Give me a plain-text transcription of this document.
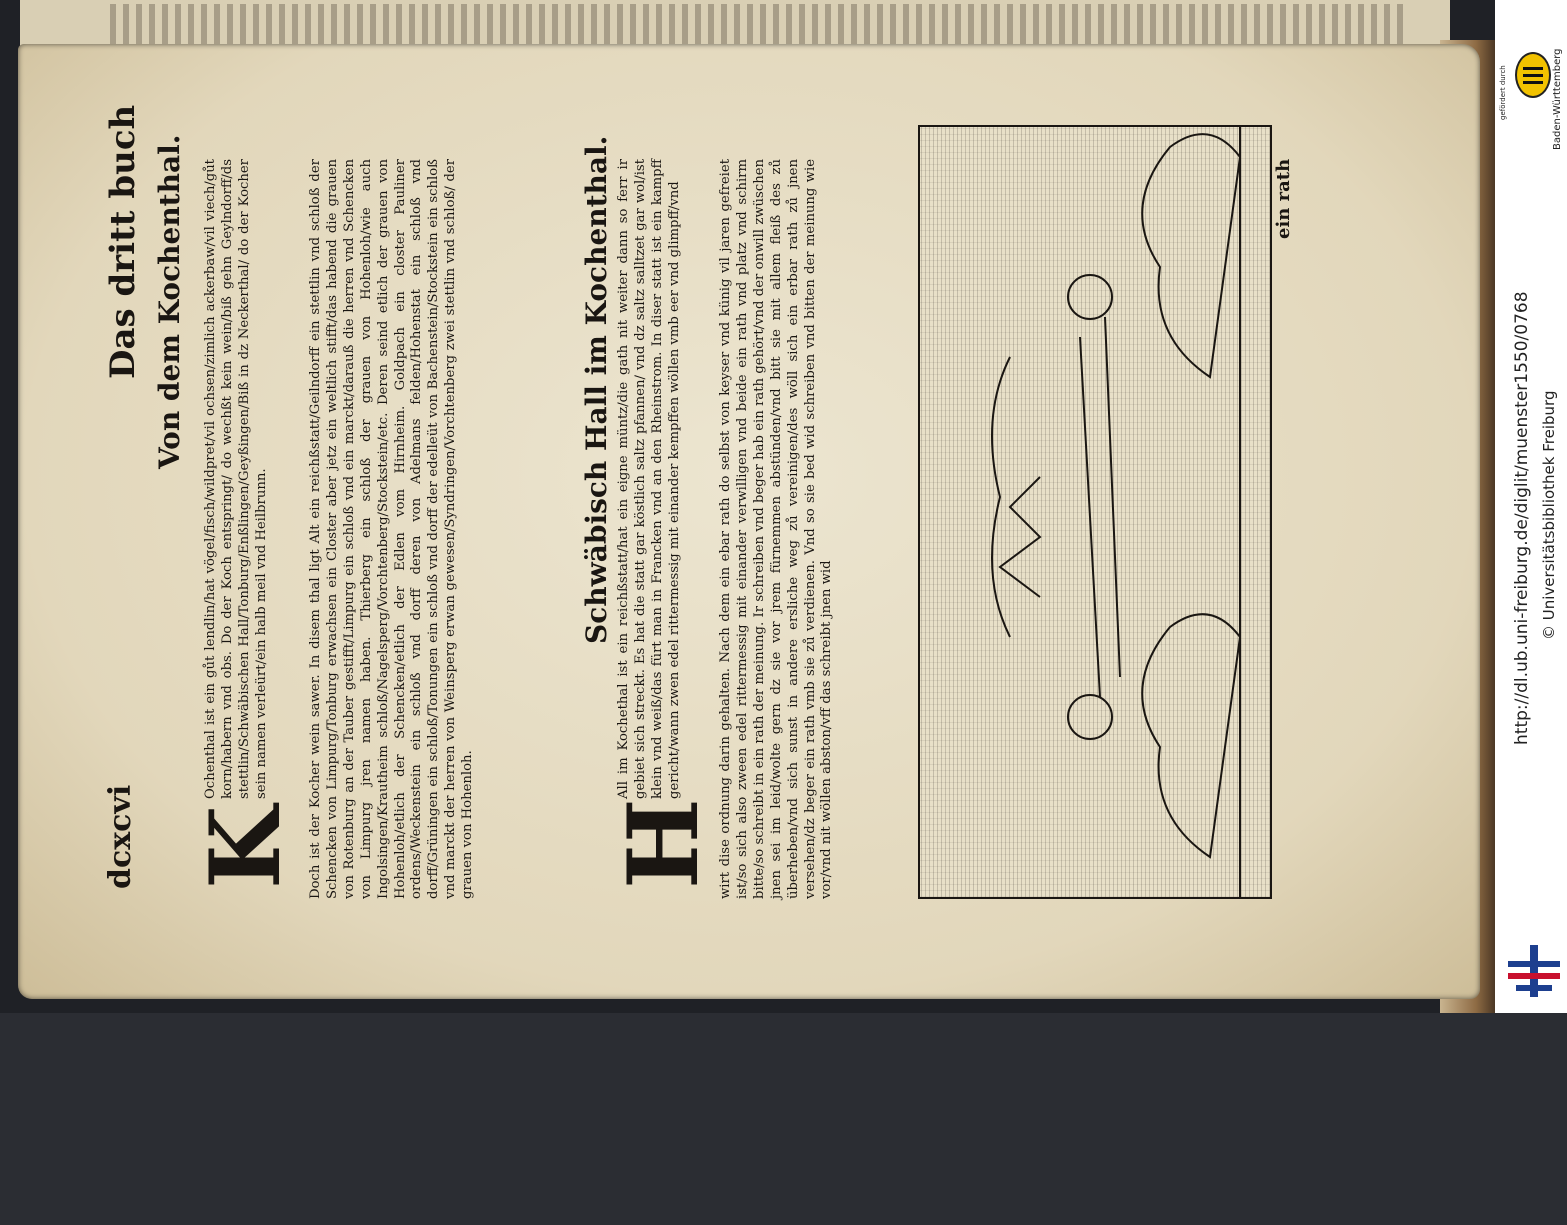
dcxcvi
Das dritt buch Von dem Kochenthal.
K
Ochenthal ist ein gůt lendlin/hat vögel/fisch/wildpret/vil ochsen/zimlich ackerbaw/vil viech/gůt korn/habern vnd obs. Do der Koch entspringt/ do wechßt kein wein/biß gehn Geylndorff/ds stettlin/Schwäbischen Hall/Tonburg/Enßlingen/Geyßingen/Biß in dz Neckerthal/ do der Kocher sein namen verleürt/ein halb meil vnd Heilbrunn.	Doch ist der Kocher wein sawer. In disem thal ligt Alt ein reichßstatt/Geilndorff ein stettlin vnd schloß der Schencken von Limpurg/Tonburg erwachsen ein Closter aber jetz ein weltlich stifft/das habend die grauen von Rotenburg an der Tauber gestifft/Limpurg ein schloß vnd ein marckt/darauß die herren vnd Schencken von Limpurg jren namen haben. Thierberg ein schloß der grauen von Hohenloh/wie auch Ingolsingen/Krautheim schloß/Nagelsperg/Vorchtenberg/Stockstein/etc. Deren seind etlich der grauen von Hohenloh/etlich der Schencken/etlich der Edlen vom Hirnheim. Goldpach ein closter Pauliner ordens/Weckenstein ein schloß vnd dorff deren von Adelmans felden/Hohenstat ein schloß vnd dorff/Grüningen ein schloß/Tonungen ein schloß vnd dorff der edelleüt von Bachenstein/Stockstein ein schloß vnd marckt der herren von Weinsperg erwan gewesen/Syndringen/Vorchtenberg zwei stettlin vnd schloß/ der grauen von Hohenloh.
Schwäbisch Hall im Kochenthal.
H
All im Kochethal ist ein reichßstatt/hat ein eigne müntz/die gath nit weiter dann so ferr ir gebiet sich streckt. Es hat die statt gar köstlich saltz pfannen/ vnd dz saltz salltzet gar wol/ist klein vnd weiß/das fürt man in Francken vnd an den Rheinstrom. In diser statt ist ein kampff gericht/wann zwen edel rittermessig mit einander kempffen wöllen vmb eer vnd glimpff/vnd	wirt dise ordnung darin gehalten. Nach dem ein ebar rath do selbst von keyser vnd künig vil jaren gefreiet ist/so sich also zween edel rittermessig mit einander verwilligen vnd beide ein rath vnd platz vnd schirm bitte/so schreibt in ein rath der meinung. Ir schreiben vnd beger hab ein rath gehört/vnd der onwill zwüschen jnen sei im leid/wolte gern dz sie vor jrem fürnemmen abstünden/vnd bitt sie mit allem fleiß des zů überheben/vnd sich sunst in andere ersliche weg zů vereinigen/des wöll sich ein erbar rath zů jnen versehen/dz beger ein rath vmb sie zů verdienen. Vnd so sie bed wid schreiben vnd bitten der meinung wie vor/vnd nit wöllen abston/vff das schreibt jnen wid
ein rath
gefördert durch	Baden-Württemberg
http://dl.ub.uni-freiburg.de/diglit/muenster1550/0768 © Universitätsbibliothek Freiburg
